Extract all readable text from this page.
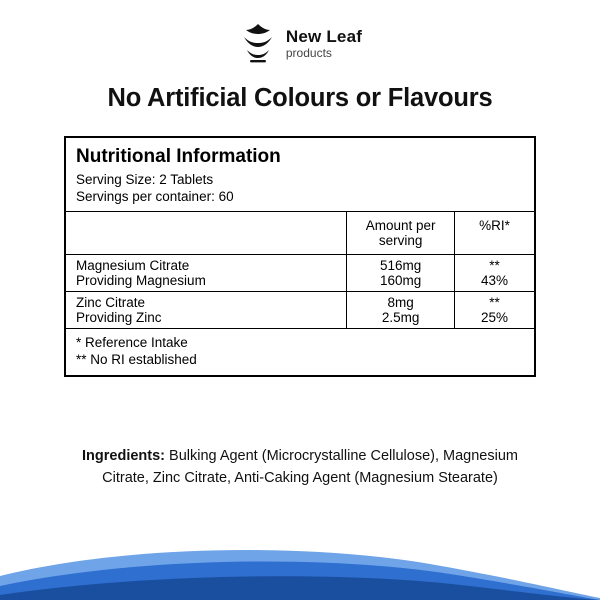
New Leaf
products
No Artificial Colours or Flavours
Nutritional Information
Serving Size: 2 Tablets
Servings per container: 60
	Amount per serving	%RI*
Magnesium Citrate	516mg	**
Providing Magnesium	160mg	43%
Zinc Citrate	8mg	**
Providing Zinc	2.5mg	25%
* Reference Intake
** No RI established
Ingredients: Bulking Agent (Microcrystalline Cellulose), Magnesium Citrate, Zinc Citrate, Anti-Caking Agent (Magnesium Stearate)
